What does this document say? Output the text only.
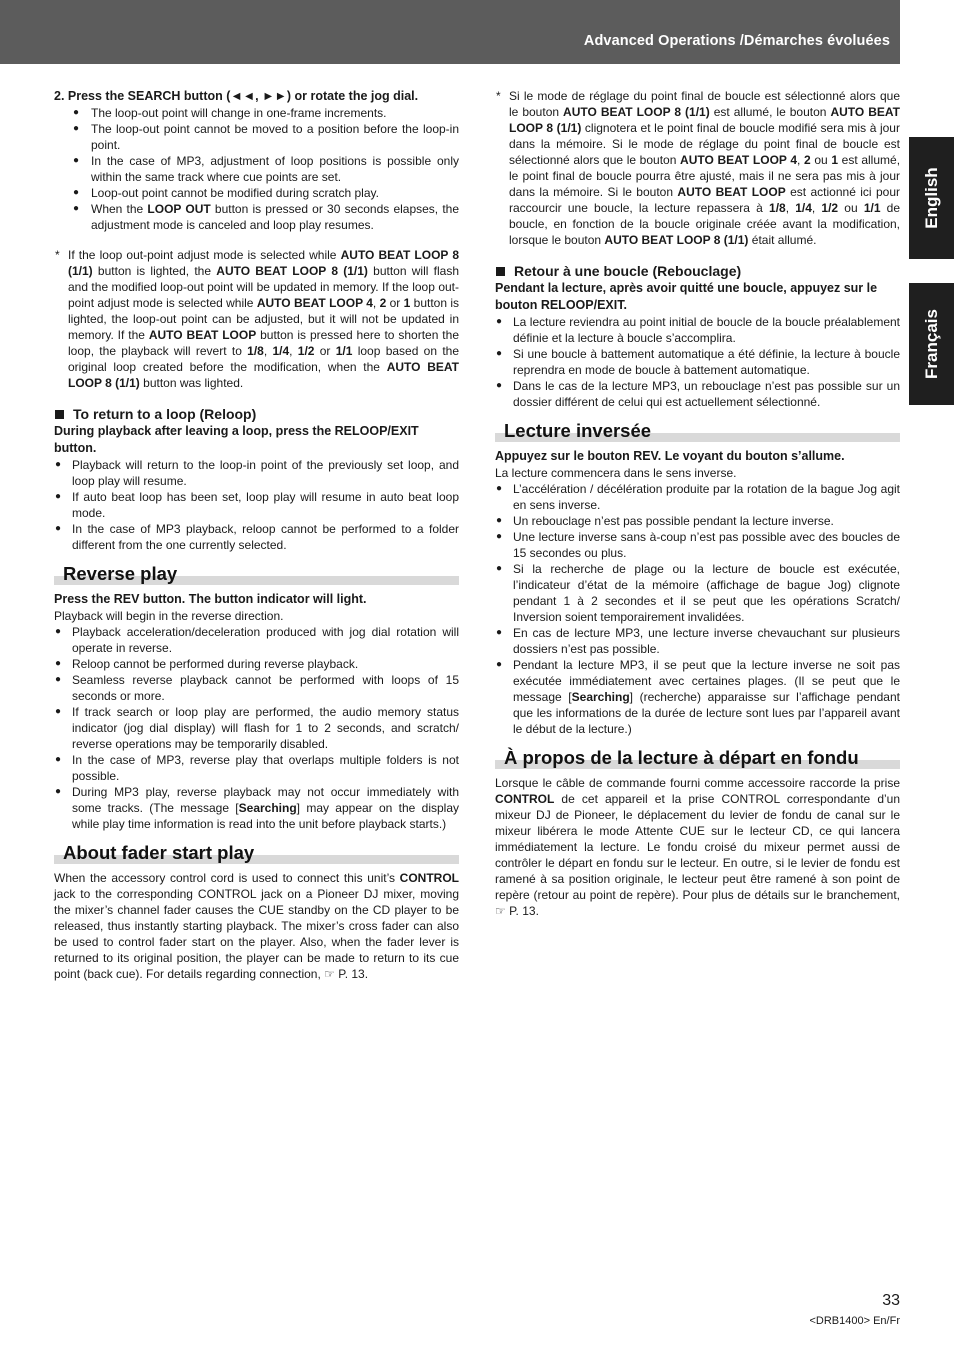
Advanced Operations /Démarches évoluées
English
Français
2. Press the SEARCH button (◄◄, ►►) or rotate the jog dial.
● The loop-out point will change in one-frame increments.
● The loop-out point cannot be moved to a position before the loop-in point.
● In the case of MP3, adjustment of loop positions is possible only within the same track where cue points are set.
● Loop-out point cannot be modified during scratch play.
● When the LOOP OUT button is pressed or 30 seconds elapses, the adjustment mode is canceled and loop play resumes.
* If the loop out-point adjust mode is selected while AUTO BEAT LOOP 8 (1/1) button is lighted, the AUTO BEAT LOOP 8 (1/1) button will flash and the modified loop-out point will be updated in memory. If the loop out-point adjust mode is selected while AUTO BEAT LOOP 4, 2 or 1 button is lighted, the loop-out point can be adjusted, but it will not be updated in memory. If the AUTO BEAT LOOP button is pressed here to shorten the loop, the playback will revert to 1/8, 1/4, 1/2 or 1/1 loop based on the original loop created before the modification, when the AUTO BEAT LOOP 8 (1/1) button was lighted.
To return to a loop (Reloop)
During playback after leaving a loop, press the RELOOP/EXIT button.
● Playback will return to the loop-in point of the previously set loop, and loop play will resume.
● If auto beat loop has been set, loop play will resume in auto beat loop mode.
● In the case of MP3 playback, reloop cannot be performed to a folder different from the one currently selected.
Reverse play
Press the REV button. The button indicator will light.
Playback will begin in the reverse direction.
● Playback acceleration/deceleration produced with jog dial rotation will operate in reverse.
● Reloop cannot be performed during reverse playback.
● Seamless reverse playback cannot be performed with loops of 15 seconds or more.
● If track search or loop play are performed, the audio memory status indicator (jog dial display) will flash for 1 to 2 seconds, and scratch/ reverse operations may be temporarily disabled.
● In the case of MP3, reverse play that overlaps multiple folders is not possible.
● During MP3 play, reverse playback may not occur immediately with some tracks. (The message [Searching] may appear on the display while play time information is read into the unit before playback starts.)
About fader start play
When the accessory control cord is used to connect this unit’s CONTROL jack to the corresponding CONTROL jack on a Pioneer DJ mixer, moving the mixer’s channel fader causes the CUE standby on the CD player to be released, thus instantly starting playback. The mixer’s cross fader can also be used to control fader start on the player. Also, when the fader lever is returned to its original position, the player can be made to return to its cue point (back cue). For details regarding connection, ☞ P. 13.
* Si le mode de réglage du point final de boucle est sélectionné alors que le bouton AUTO BEAT LOOP 8 (1/1) est allumé, le bouton AUTO BEAT LOOP 8 (1/1) clignotera et le point final de boucle modifié sera mis à jour dans la mémoire. Si le mode de réglage du point final de boucle est sélectionné alors que le bouton AUTO BEAT LOOP 4, 2 ou 1 est allumé, le point final de boucle pourra être ajusté, mais il ne sera pas mis à jour dans la mémoire. Si le bouton AUTO BEAT LOOP est actionné ici pour raccourcir une boucle, la lecture repassera à 1/8, 1/4, 1/2 ou 1/1 de boucle, en fonction de la boucle originale créée avant la modification, lorsque le bouton AUTO BEAT LOOP 8 (1/1) était allumé.
Retour à une boucle (Rebouclage)
Pendant la lecture, après avoir quitté une boucle, appuyez sur le bouton RELOOP/EXIT.
● La lecture reviendra au point initial de boucle de la boucle préalablement définie et la lecture à boucle s’accomplira.
● Si une boucle à battement automatique a été définie, la lecture à boucle reprendra en mode de boucle à battement automatique.
● Dans le cas de la lecture MP3, un rebouclage n’est pas possible sur un dossier différent de celui qui est actuellement sélectionné.
Lecture inversée
Appuyez sur le bouton REV. Le voyant du bouton s’allume.
La lecture commencera dans le sens inverse.
● L’accélération / décélération produite par la rotation de la bague Jog agit en sens inverse.
● Un rebouclage n’est pas possible pendant la lecture inverse.
● Une lecture inverse sans à-coup n’est pas possible avec des boucles de 15 secondes ou plus.
● Si la recherche de plage ou la lecture de boucle est exécutée, l’indicateur d’état de la mémoire (affichage de bague Jog) clignote pendant 1 à 2 secondes et il se peut que les opérations Scratch/ Inversion soient temporairement invalidées.
● En cas de lecture MP3, une lecture inverse chevauchant sur plusieurs dossiers n’est pas possible.
● Pendant la lecture MP3, il se peut que la lecture inverse ne soit pas exécutée immédiatement avec certaines plages. (Il se peut que le message [Searching] (recherche) apparaisse sur l’affichage pendant que les informations de la durée de lecture sont lues par l’appareil avant le début de la lecture.)
À propos de la lecture à départ en fondu
Lorsque le câble de commande fourni comme accessoire raccorde la prise CONTROL de cet appareil et la prise CONTROL correspondante d’un mixeur DJ de Pioneer, le déplacement du levier de fondu de canal sur le mixeur libérera le mode Attente CUE sur le lecteur CD, ce qui lancera immédiatement la lecture. Le fondu croisé du mixeur permet aussi de contrôler le départ en fondu sur le lecteur. En outre, si le levier de fondu est ramené à sa position originale, le lecteur peut être ramené à son point de repère (retour au point de repère). Pour plus de détails sur le branchement, ☞ P. 13.
33
<DRB1400> En/Fr
